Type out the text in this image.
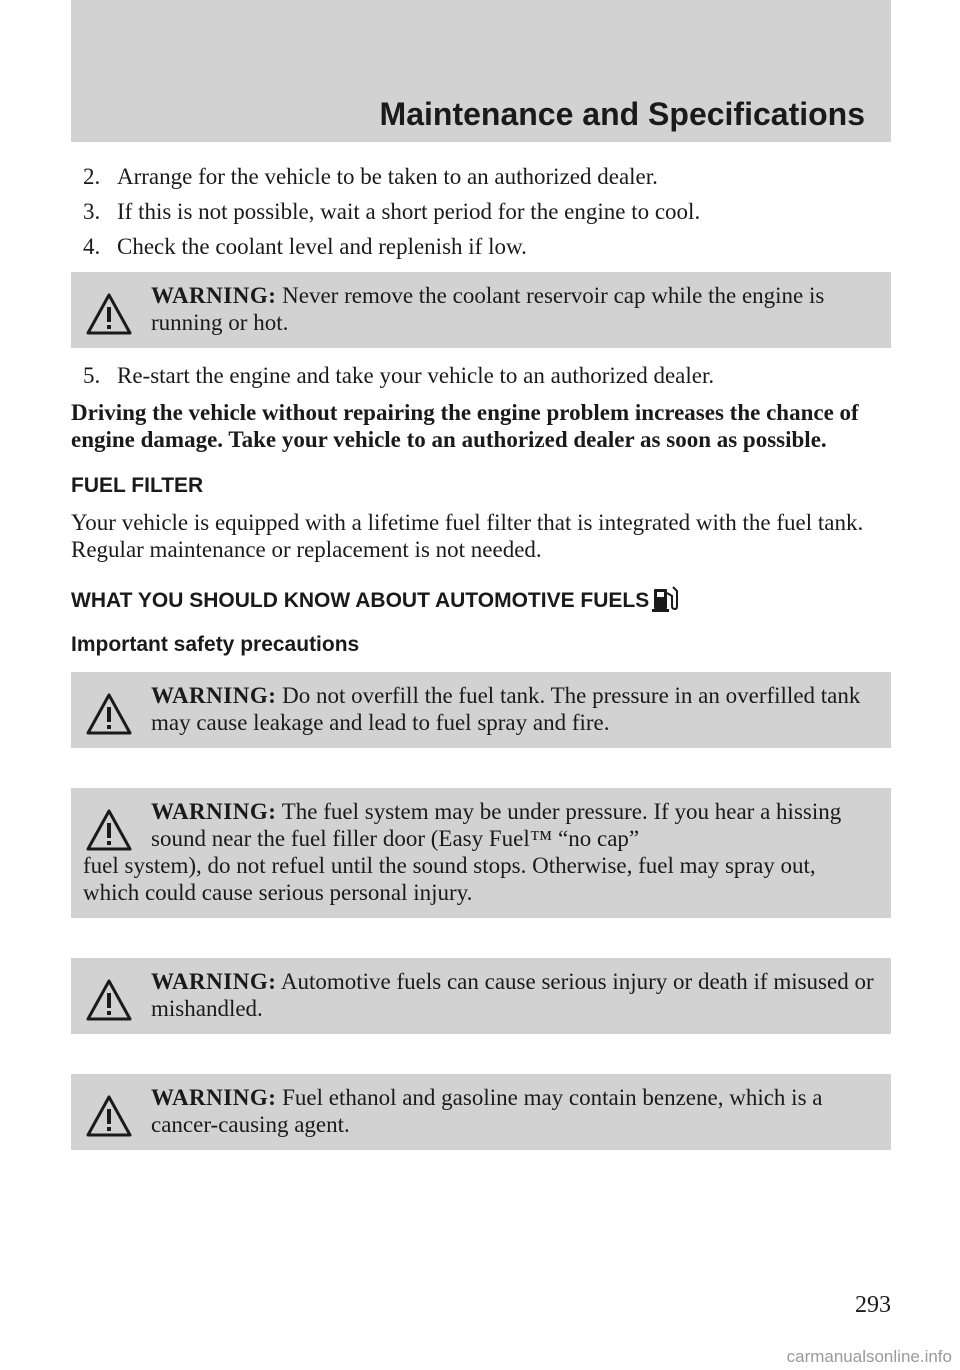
Maintenance and Specifications
2. Arrange for the vehicle to be taken to an authorized dealer.
3. If this is not possible, wait a short period for the engine to cool.
4. Check the coolant level and replenish if low.
WARNING: Never remove the coolant reservoir cap while the engine is running or hot.
5. Re-start the engine and take your vehicle to an authorized dealer.
Driving the vehicle without repairing the engine problem increases the chance of engine damage. Take your vehicle to an authorized dealer as soon as possible.
FUEL FILTER
Your vehicle is equipped with a lifetime fuel filter that is integrated with the fuel tank. Regular maintenance or replacement is not needed.
WHAT YOU SHOULD KNOW ABOUT AUTOMOTIVE FUELS
Important safety precautions
WARNING: Do not overfill the fuel tank. The pressure in an overfilled tank may cause leakage and lead to fuel spray and fire.
WARNING: The fuel system may be under pressure. If you hear a hissing sound near the fuel filler door (Easy Fuel™ “no cap”
fuel system), do not refuel until the sound stops. Otherwise, fuel may spray out, which could cause serious personal injury.
WARNING: Automotive fuels can cause serious injury or death if misused or mishandled.
WARNING: Fuel ethanol and gasoline may contain benzene, which is a cancer-causing agent.
293
carmanualsonline.info
